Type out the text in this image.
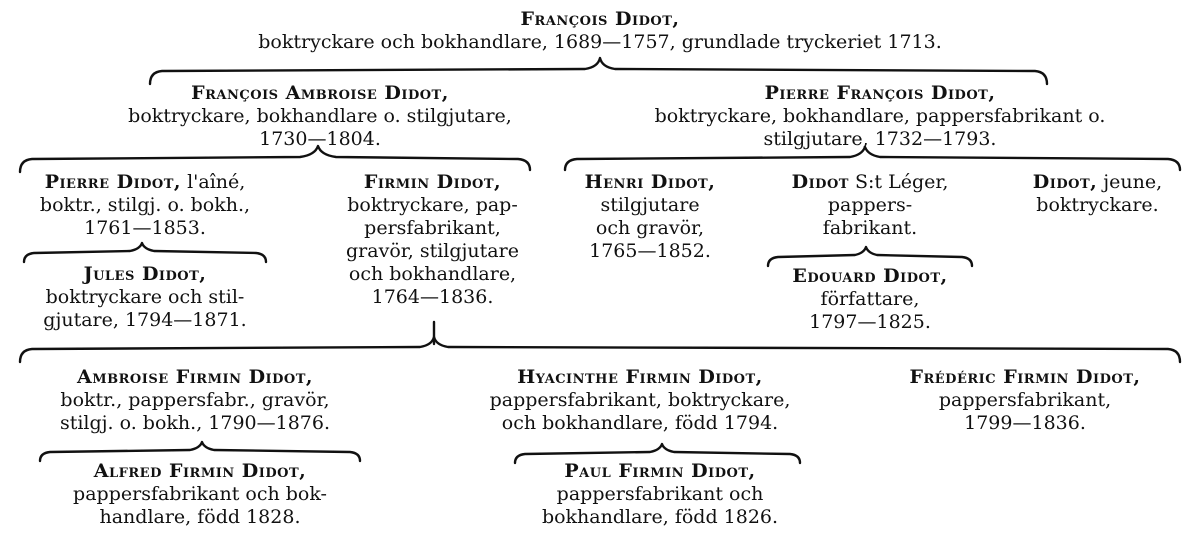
François Didot,
boktryckare och bokhandlare, 1689—1757, grundlade tryckeriet 1713.
François Ambroise Didot,
boktryckare, bokhandlare o. stilgjutare,
1730—1804.
Pierre François Didot,
boktryckare, bokhandlare, pappersfabrikant o.
stilgjutare, 1732—1793.
Pierre Didot, l'aîné,
boktr., stilgj. o. bokh.,
1761—1853.
Firmin Didot,
boktryckare, pap-
persfabrikant,
gravör, stilgjutare
och bokhandlare,
1764—1836.
Henri Didot,
stilgjutare
och gravör,
1765—1852.
Didot S:t Léger,
pappers-
fabrikant.
Didot, jeune,
boktryckare.
Jules Didot,
boktryckare och stil-
gjutare, 1794—1871.
Edouard Didot,
författare,
1797—1825.
Ambroise Firmin Didot,
boktr., pappersfabr., gravör,
stilgj. o. bokh., 1790—1876.
Hyacinthe Firmin Didot,
pappersfabrikant, boktryckare,
och bokhandlare, född 1794.
Frédéric Firmin Didot,
pappersfabrikant,
1799—1836.
Alfred Firmin Didot,
pappersfabrikant och bok-
handlare, född 1828.
Paul Firmin Didot,
pappersfabrikant och
bokhandlare, född 1826.
